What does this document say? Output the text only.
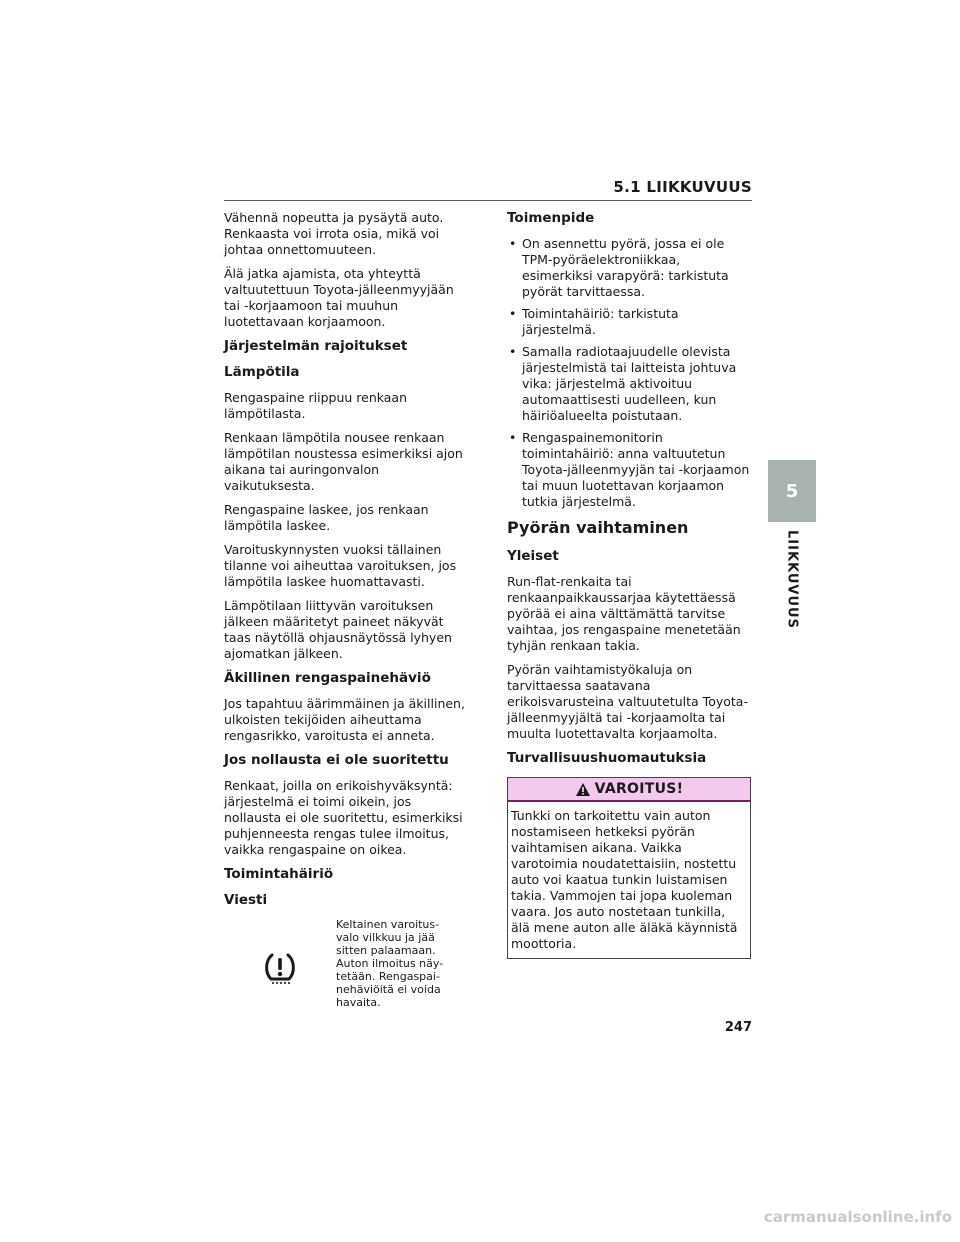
5.1 LIIKKUVUUS

Vähennä nopeutta ja pysäytä auto. Renkaasta voi irrota osia, mikä voi johtaa onnettomuuteen.

Älä jatka ajamista, ota yhteyttä valtuutettuun Toyota-jälleenmyyjään tai -korjaamoon tai muuhun luotettavaan korjaamoon.

Järjestelmän rajoitukset
Lämpötila

Rengaspaine riippuu renkaan lämpötilasta.

Renkaan lämpötila nousee renkaan lämpötilan noustessa esimerkiksi ajon aikana tai auringonvalon vaikutuksesta.

Rengaspaine laskee, jos renkaan lämpötila laskee.

Varoituskynnysten vuoksi tällainen tilanne voi aiheuttaa varoituksen, jos lämpötila laskee huomattavasti.

Lämpötilaan liittyvän varoituksen jälkeen määritetyt paineet näkyvät taas näytöllä ohjausnäytössä lyhyen ajomatkan jälkeen.

Äkillinen rengaspainehäviö

Jos tapahtuu äärimmäinen ja äkillinen, ulkoisten tekijöiden aiheuttama rengasrikko, varoitusta ei anneta.

Jos nollausta ei ole suoritettu

Renkaat, joilla on erikoishyväksyntä: järjestelmä ei toimi oikein, jos nollausta ei ole suoritettu, esimerkiksi puhjenneesta rengas tulee ilmoitus, vaikka rengaspaine on oikea.

Toimintahäiriö
Viesti
Keltainen varoitus-valo vilkkuu ja jää sitten palaamaan. Auton ilmoitus näy-tetään. Rengaspai-nehäviöitä ei voida havaita.
Toimenpide
• On asennettu pyörä, jossa ei ole TPM-pyöräelektroniikkaa, esimerkiksi varapyörä: tarkistuta pyörät tarvittaessa.
• Toimintahäiriö: tarkistuta järjestelmä.
• Samalla radiotaajuudelle olevista järjestelmistä tai laitteista johtuva vika: järjestelmä aktivoituu automaattisesti uudelleen, kun häiriöalueelta poistutaan.
• Rengaspainemonitorin toimintahäiriö: anna valtuutetun Toyota-jälleenmyyjän tai -korjaamon tai muun luotettavan korjaamon tutkia järjestelmä.
Pyörän vaihtaminen
Yleiset

Run-flat-renkaita tai renkaanpaikkaussarjaa käytettäessä pyörää ei aina välttämättä tarvitse vaihtaa, jos rengaspaine menetetään tyhjän renkaan takia.

Pyörän vaihtamistyökaluja on tarvittaessa saatavana erikoisvarusteina valtuutetulta Toyota-jälleenmyyjältä tai -korjaamolta tai muulta luotettavalta korjaamolta.

Turvallisuushuomautuksia
VAROITUS!
Tunkki on tarkoitettu vain auton nostamiseen hetkeksi pyörän vaihtamisen aikana. Vaikka varotoimia noudatettaisiin, nostettu auto voi kaatua tunkin luistamisen takia. Vammojen tai jopa kuoleman vaara. Jos auto nostetaan tunkilla, älä mene auton alle äläkä käynnistä moottoria.
5
LIIKKUVUUS
247
carmanualsonline.info
